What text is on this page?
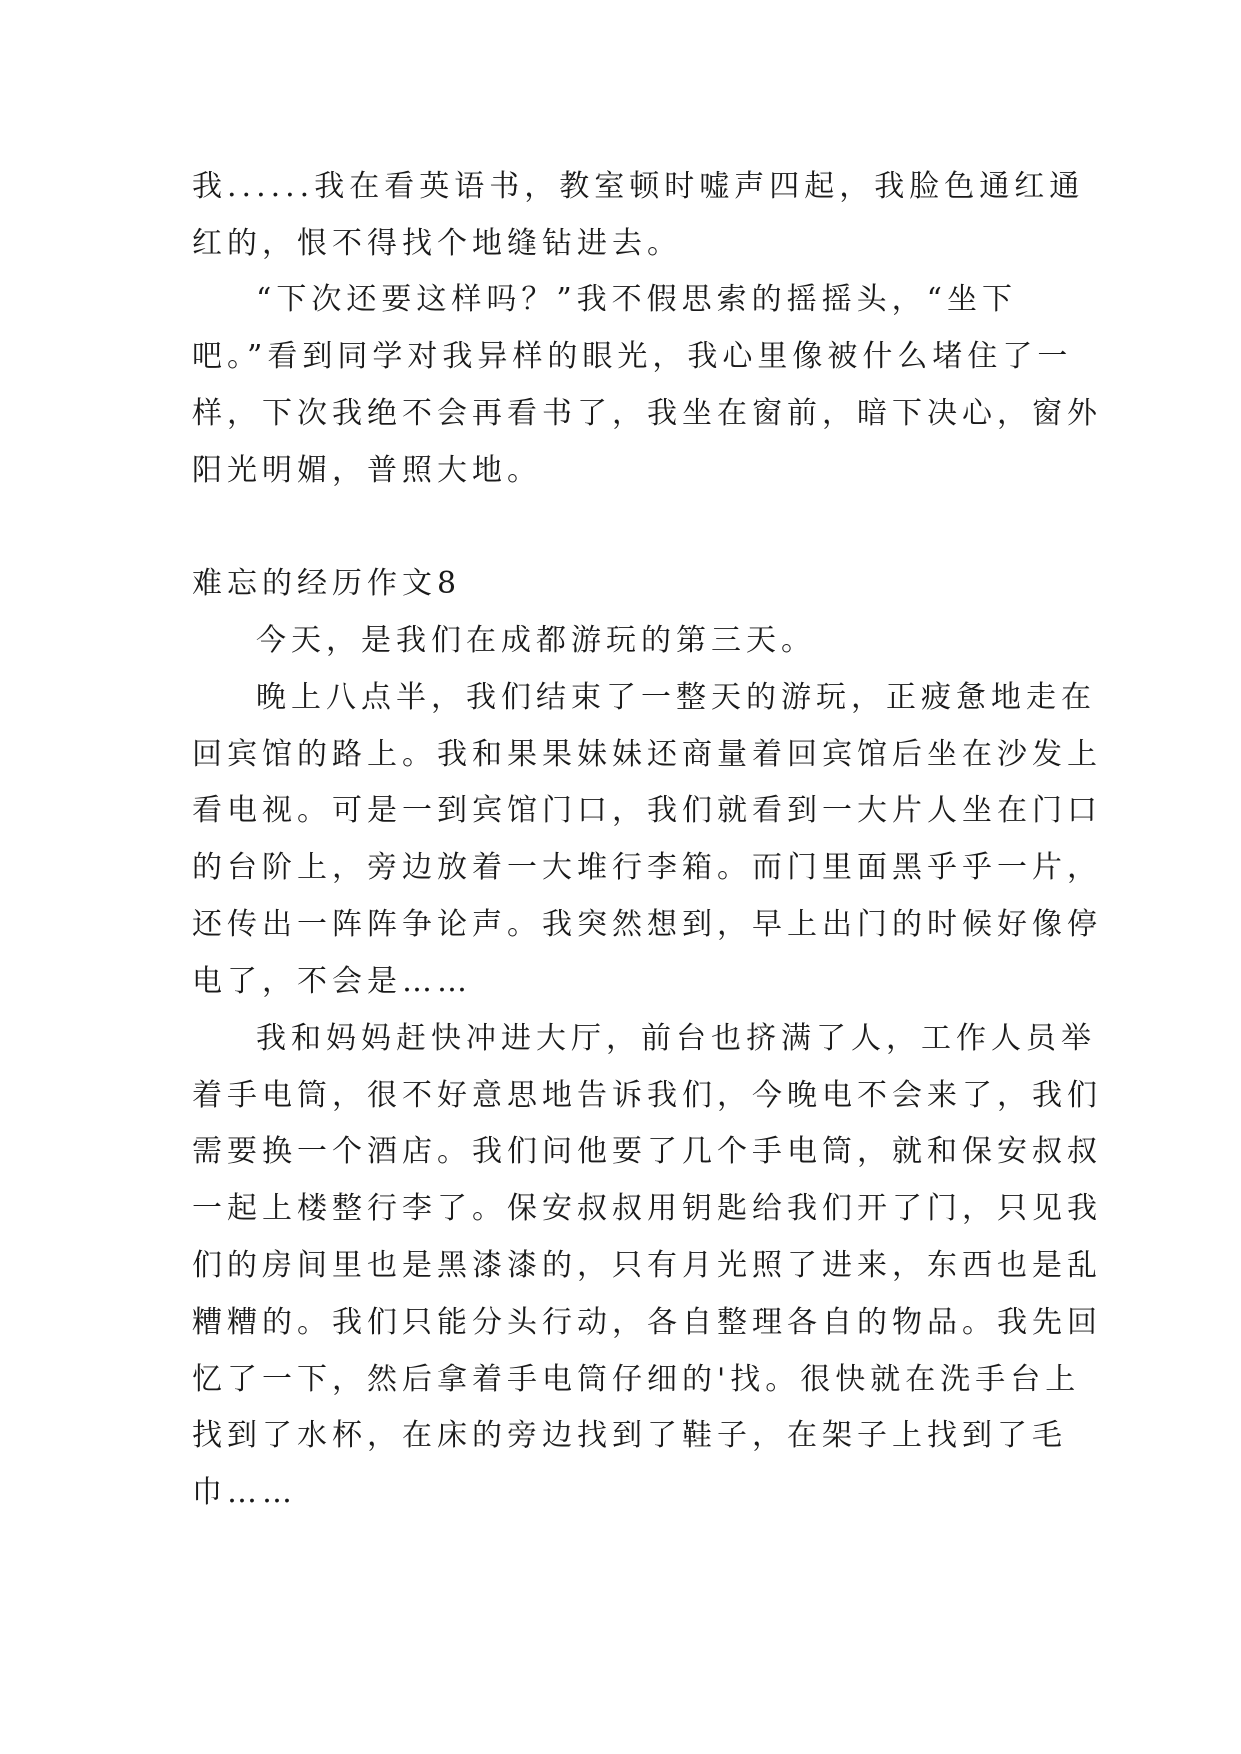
我......我在看英语书，教室顿时嘘声四起，我脸色通红通
红的，恨不得找个地缝钻进去。
“下次还要这样吗？”我不假思索的摇摇头，“坐下
吧。”看到同学对我异样的眼光，我心里像被什么堵住了一
样，下次我绝不会再看书了，我坐在窗前，暗下决心，窗外
阳光明媚，普照大地。
难忘的经历作文8
今天，是我们在成都游玩的第三天。
晚上八点半，我们结束了一整天的游玩，正疲惫地走在
回宾馆的路上。我和果果妹妹还商量着回宾馆后坐在沙发上
看电视。可是一到宾馆门口，我们就看到一大片人坐在门口
的台阶上，旁边放着一大堆行李箱。而门里面黑乎乎一片，
还传出一阵阵争论声。我突然想到，早上出门的时候好像停
电了，不会是……
我和妈妈赶快冲进大厅，前台也挤满了人，工作人员举
着手电筒，很不好意思地告诉我们，今晚电不会来了，我们
需要换一个酒店。我们问他要了几个手电筒，就和保安叔叔
一起上楼整行李了。保安叔叔用钥匙给我们开了门，只见我
们的房间里也是黑漆漆的，只有月光照了进来，东西也是乱
糟糟的。我们只能分头行动，各自整理各自的物品。我先回
忆了一下，然后拿着手电筒仔细的'找。很快就在洗手台上
找到了水杯，在床的旁边找到了鞋子，在架子上找到了毛
巾……
